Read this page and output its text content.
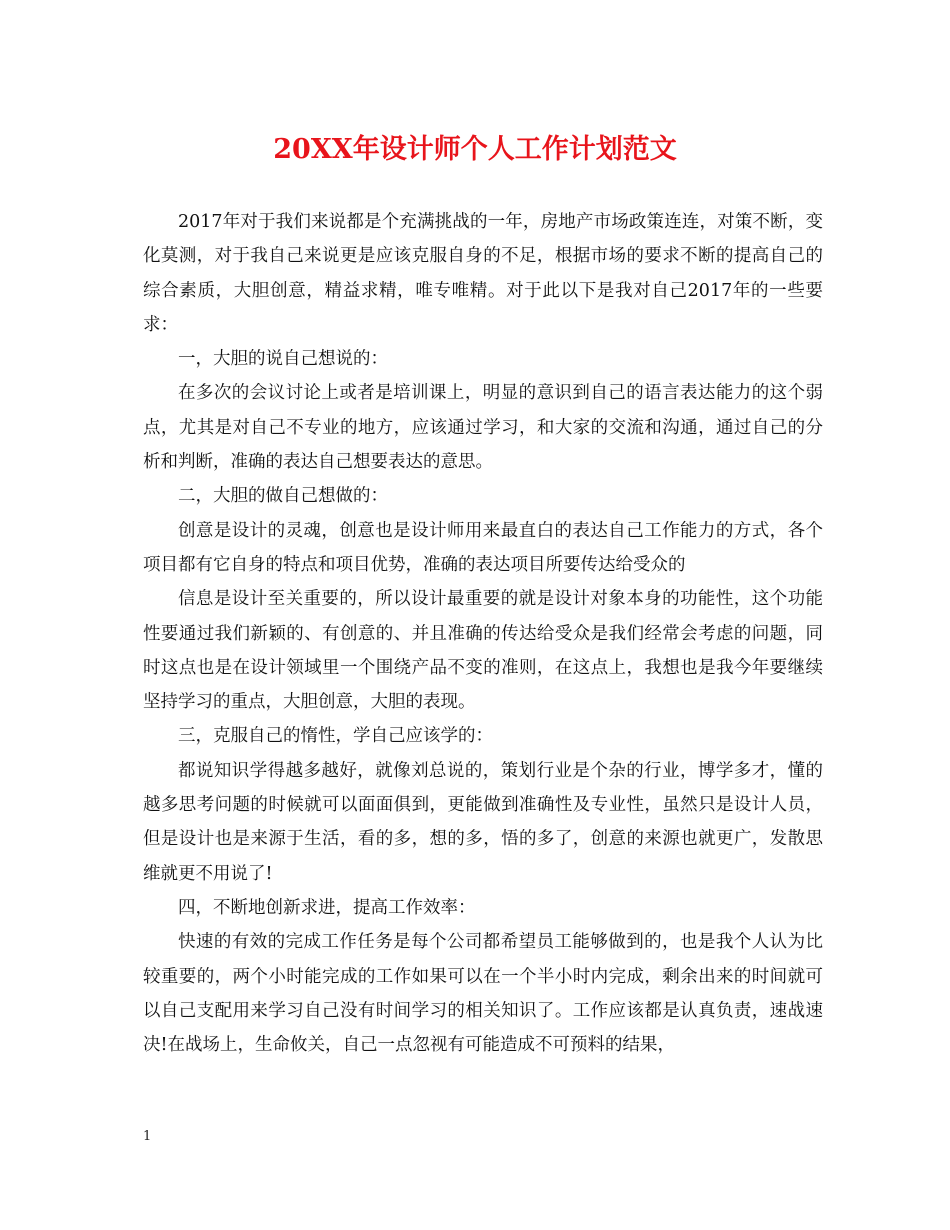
20XX年设计师个人工作计划范文

2017年对于我们来说都是个充满挑战的一年，房地产市场政策连连，对策不断，变化莫测，对于我自己来说更是应该克服自身的不足，根据市场的要求不断的提高自己的综合素质，大胆创意，精益求精，唯专唯精。对于此以下是我对自己2017年的一些要求：

一，大胆的说自己想说的：

在多次的会议讨论上或者是培训课上，明显的意识到自己的语言表达能力的这个弱点，尤其是对自己不专业的地方，应该通过学习，和大家的交流和沟通，通过自己的分析和判断，准确的表达自己想要表达的意思。

二，大胆的做自己想做的：

创意是设计的灵魂，创意也是设计师用来最直白的表达自己工作能力的方式，各个项目都有它自身的特点和项目优势，准确的表达项目所要传达给受众的

信息是设计至关重要的，所以设计最重要的就是设计对象本身的功能性，这个功能性要通过我们新颖的、有创意的、并且准确的传达给受众是我们经常会考虑的问题，同时这点也是在设计领域里一个围绕产品不变的准则，在这点上，我想也是我今年要继续坚持学习的重点，大胆创意，大胆的表现。

三，克服自己的惰性，学自己应该学的：

都说知识学得越多越好，就像刘总说的，策划行业是个杂的行业，博学多才，懂的越多思考问题的时候就可以面面俱到，更能做到准确性及专业性，虽然只是设计人员，但是设计也是来源于生活，看的多，想的多，悟的多了，创意的来源也就更广，发散思维就更不用说了!

四，不断地创新求进，提高工作效率：

快速的有效的完成工作任务是每个公司都希望员工能够做到的，也是我个人认为比较重要的，两个小时能完成的工作如果可以在一个半小时内完成，剩余出来的时间就可以自己支配用来学习自己没有时间学习的相关知识了。工作应该都是认真负责，速战速决!在战场上，生命攸关，自己一点忽视有可能造成不可预料的结果，

1
